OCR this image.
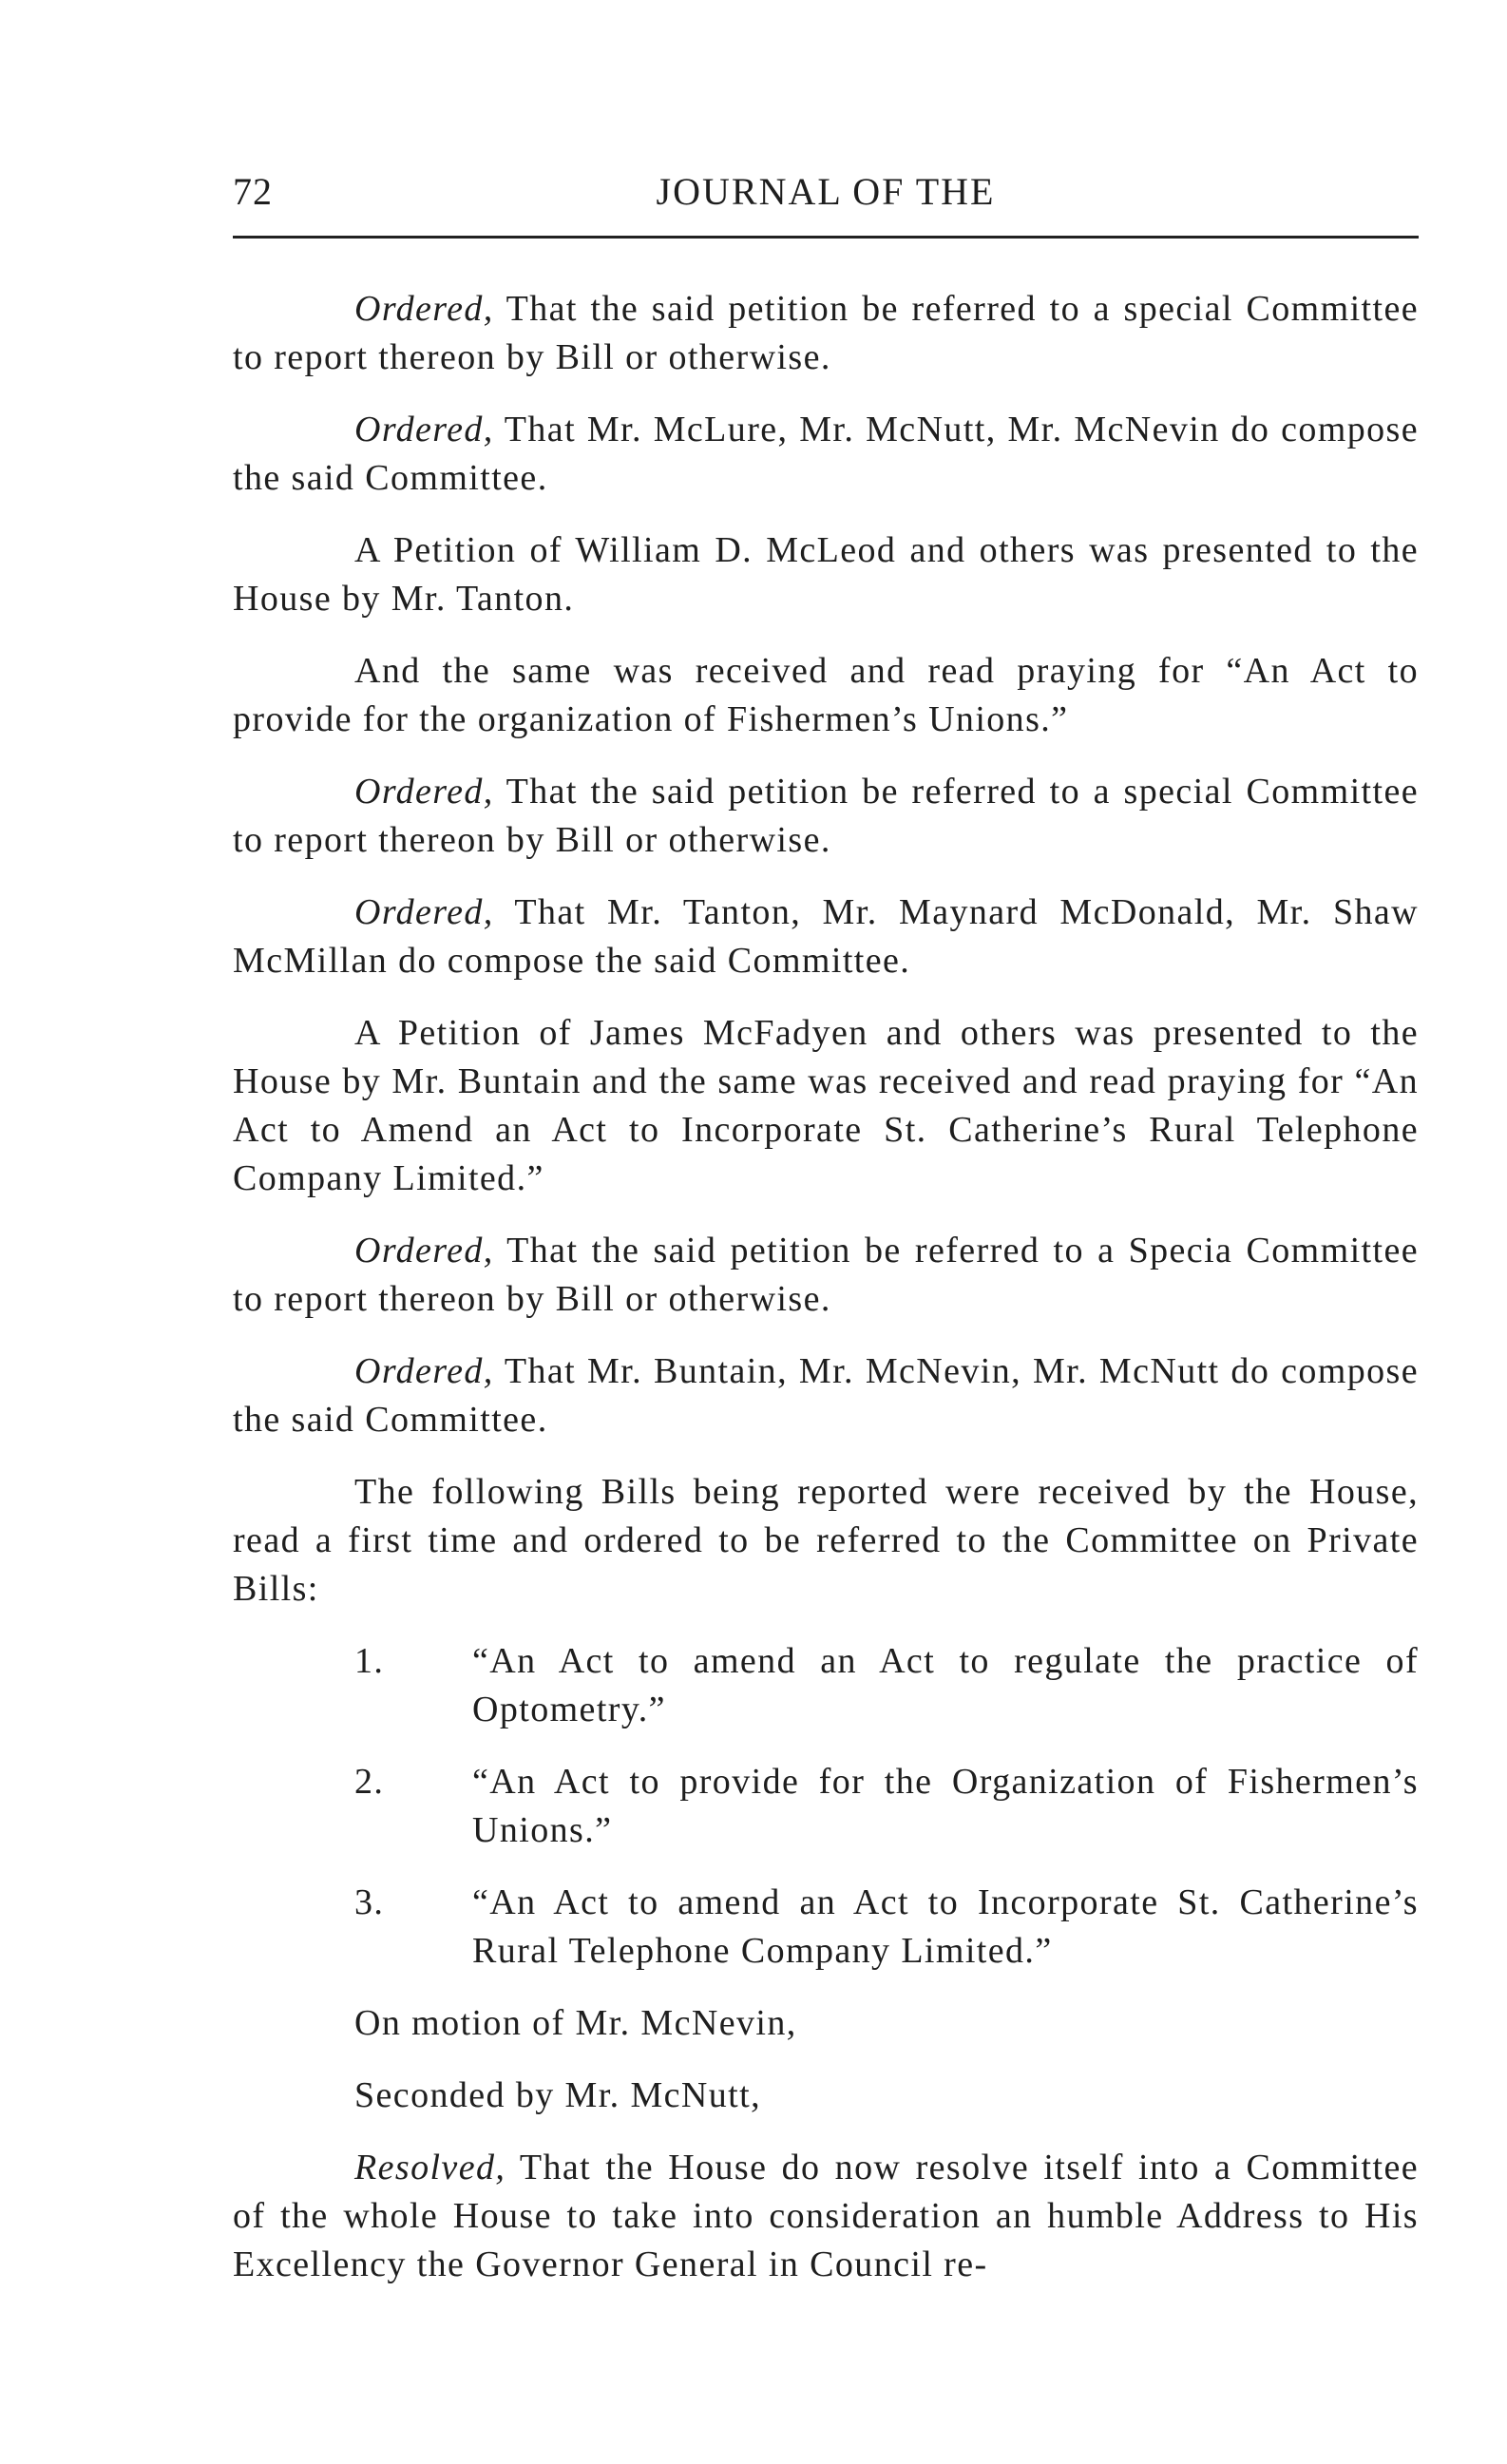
72	JOURNAL OF THE

Ordered, That the said petition be referred to a special Committee to report thereon by Bill or otherwise.

Ordered, That Mr. McLure, Mr. McNutt, Mr. McNevin do compose the said Committee.

A Petition of William D. McLeod and others was presented to the House by Mr. Tanton.

And the same was received and read praying for “An Act to provide for the organization of Fishermen’s Unions.”

Ordered, That the said petition be referred to a special Committee to report thereon by Bill or otherwise.

Ordered, That Mr. Tanton, Mr. Maynard McDonald, Mr. Shaw McMillan do compose the said Committee.

A Petition of James McFadyen and others was presented to the House by Mr. Buntain and the same was received and read praying for “An Act to Amend an Act to Incorporate St. Catherine’s Rural Telephone Company Limited.”

Ordered, That the said petition be referred to a Specia Committee to report thereon by Bill or otherwise.

Ordered, That Mr. Buntain, Mr. McNevin, Mr. McNutt do compose the said Committee.

The following Bills being reported were received by the House, read a first time and ordered to be referred to the Committee on Private Bills:

1. “An Act to amend an Act to regulate the practice of Optometry.”
2. “An Act to provide for the Organization of Fishermen’s Unions.”
3. “An Act to amend an Act to Incorporate St. Catherine’s Rural Telephone Company Limited.”

On motion of Mr. McNevin,

Seconded by Mr. McNutt,

Resolved, That the House do now resolve itself into a Committee of the whole House to take into consideration an humble Address to His Excellency the Governor General in Council re-
